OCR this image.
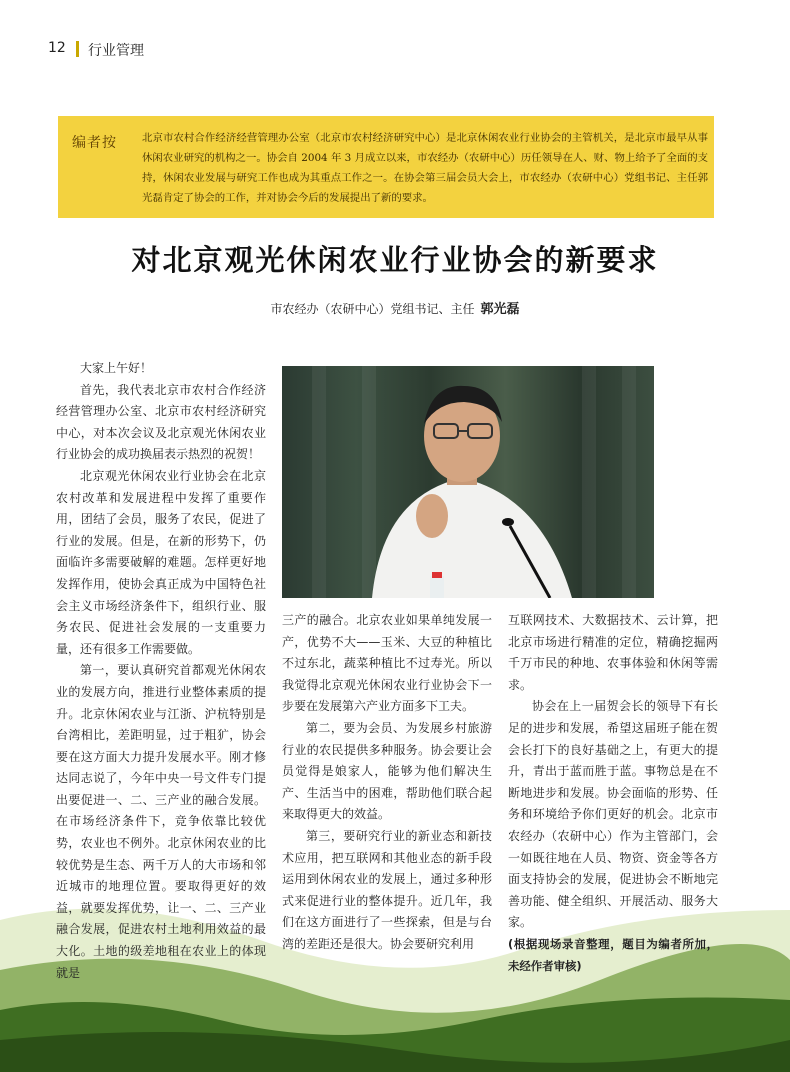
12 行业管理
编者按 北京市农村合作经济经营管理办公室（北京市农村经济研究中心）是北京休闲农业行业协会的主管机关，是北京市最早从事休闲农业研究的机构之一。协会自 2004 年 3 月成立以来，市农经办（农研中心）历任领导在人、财、物上给予了全面的支持，休闲农业发展与研究工作也成为其重点工作之一。在协会第三届会员大会上，市农经办（农研中心）党组书记、主任郭光磊肯定了协会的工作，并对协会今后的发展提出了新的要求。
对北京观光休闲农业行业协会的新要求
市农经办（农研中心）党组书记、主任 郭光磊

大家上午好！

首先，我代表北京市农村合作经济经营管理办公室、北京市农村经济研究中心，对本次会议及北京观光休闲农业行业协会的成功换届表示热烈的祝贺！

北京观光休闲农业行业协会在北京农村改革和发展进程中发挥了重要作用，团结了会员，服务了农民，促进了行业的发展。但是，在新的形势下，仍面临许多需要破解的难题。怎样更好地发挥作用，使协会真正成为中国特色社会主义市场经济条件下，组织行业、服务农民、促进社会发展的一支重要力量，还有很多工作需要做。

第一，要认真研究首都观光休闲农业的发展方向，推进行业整体素质的提升。北京休闲农业与江浙、沪杭特别是台湾相比，差距明显，过于粗犷，协会要在这方面大力提升发展水平。刚才修达同志说了，今年中央一号文件专门提出要促进一、二、三产业的融合发展。在市场经济条件下，竞争依靠比较优势，农业也不例外。北京休闲农业的比较优势是生态、两千万人的大市场和邻近城市的地理位置。要取得更好的效益，就要发挥优势，让一、二、三产业融合发展，促进农村土地利用效益的最大化。土地的级差地租在农业上的体现就是

三产的融合。北京农业如果单纯发展一产，优势不大——玉米、大豆的种植比不过东北，蔬菜种植比不过寿光。所以我觉得北京观光休闲农业行业协会下一步要在发展第六产业方面多下工夫。

第二，要为会员、为发展乡村旅游行业的农民提供多种服务。协会要让会员觉得是娘家人，能够为他们解决生产、生活当中的困难，帮助他们联合起来取得更大的效益。

第三，要研究行业的新业态和新技术应用，把互联网和其他业态的新手段运用到休闲农业的发展上，通过多种形式来促进行业的整体提升。近几年，我们在这方面进行了一些探索，但是与台湾的差距还是很大。协会要研究利用

互联网技术、大数据技术、云计算，把北京市场进行精准的定位，精确挖掘两千万市民的种地、农事体验和休闲等需求。

协会在上一届贺会长的领导下有长足的进步和发展，希望这届班子能在贺会长打下的良好基础之上，有更大的提升，青出于蓝而胜于蓝。事物总是在不断地进步和发展。协会面临的形势、任务和环境给予你们更好的机会。北京市农经办（农研中心）作为主管部门，会一如既往地在人员、物资、资金等各方面支持协会的发展，促进协会不断地完善功能、健全组织、开展活动、服务大家。

(根据现场录音整理，题目为编者所加，未经作者审核)
